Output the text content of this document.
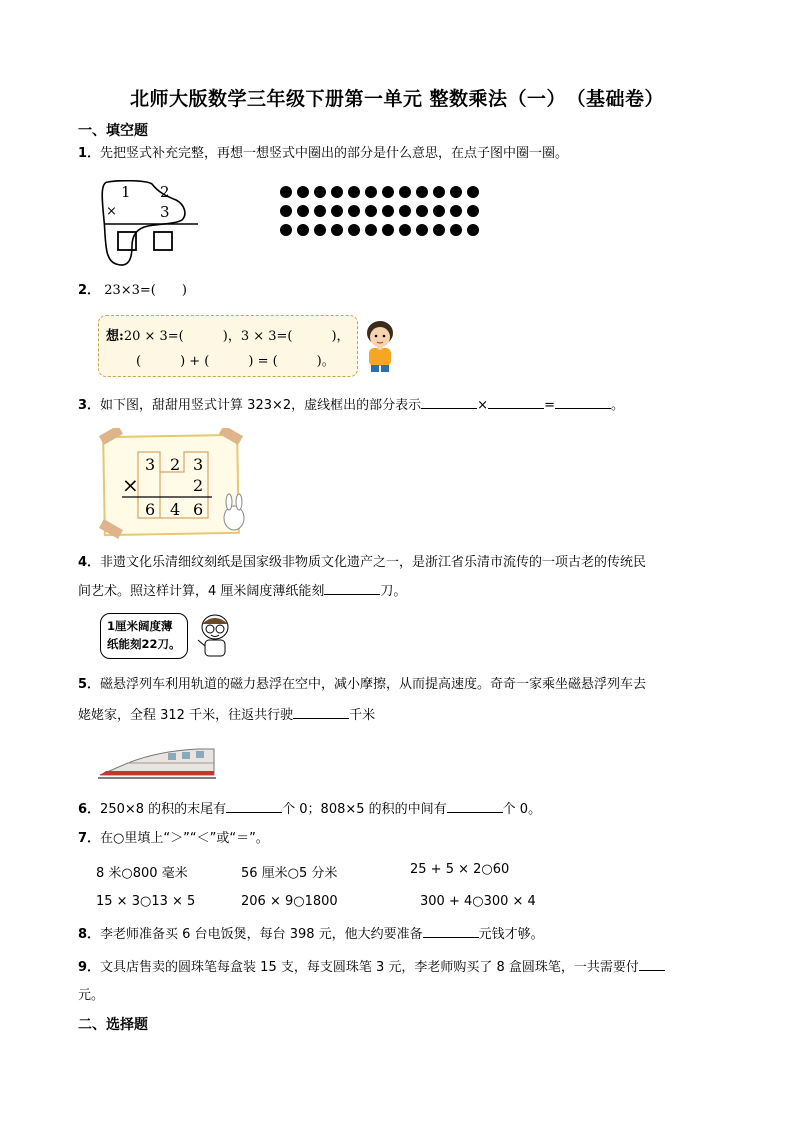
北师大版数学三年级下册第一单元 整数乘法（一）　（基础卷）
一、填空题
1．先把竖式补充完整，再想一想竖式中圈出的部分是什么意思，在点子图中圈一圈。
1 2
×	3
2． 23×3=(　　)
想:20 × 3=(　　　)，3 × 3=(　　　)，
(　　　) + (　　　) = (　　　)。
3．如下图，甜甜用竖式计算 323×2，虚线框出的部分表示	×	=	。
3 2 3
×	2
6 4 6
4．非遗文化乐清细纹刻纸是国家级非物质文化遗产之一，是浙江省乐清市流传的一项古老的传统民
间艺术。照这样计算，4 厘米阔度薄纸能刻	刀。
1厘米阔度薄
纸能刻22刀。
5．磁悬浮列车利用轨道的磁力悬浮在空中，减小摩擦，从而提高速度。奇奇一家乘坐磁悬浮列车去
姥姥家，全程 312 千米，往返共行驶	千米
6．250×8 的积的末尾有	个 0；808×5 的积的中间有	个 0。
7．在○里填上“＞”“＜”或“＝”。
8 米○800 毫米	56 厘米○5 分米	25 + 5 × 2○60
15 × 3○13 × 5	206 × 9○1800	300 + 4○300 × 4
8．李老师准备买 6 台电饭煲，每台 398 元，他大约要准备	元钱才够。
9．文具店售卖的圆珠笔每盒装 15 支，每支圆珠笔 3 元，李老师购买了 8 盒圆珠笔，一共需要付
元。
二、选择题
